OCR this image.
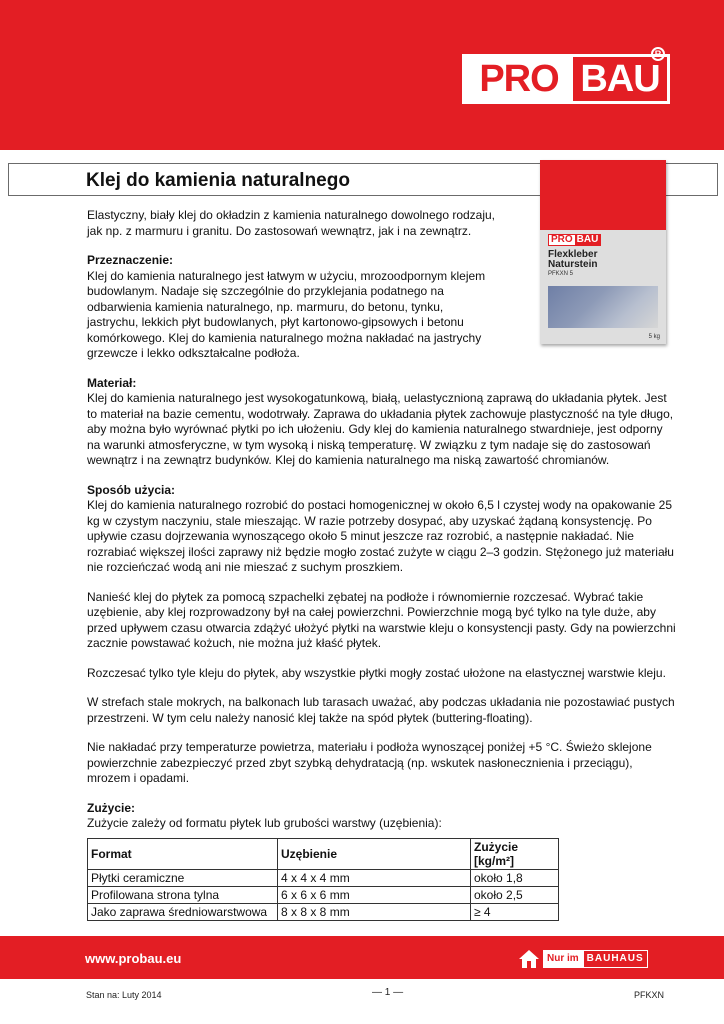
PRO BAU
R
Klej do kamienia naturalnego
PRO BAU
Flexkleber
Naturstein
PFKXN 5
5 kg

Elastyczny, biały klej do okładzin z kamienia naturalnego dowolnego rodzaju, jak np. z marmuru i granitu. Do zastosowań wewnątrz, jak i na zewnątrz.

Przeznaczenie:
Klej do kamienia naturalnego jest łatwym w użyciu, mrozoodpornym klejem budowlanym. Nadaje się szczególnie do przyklejania podatnego na odbarwienia kamienia naturalnego, np. marmuru, do betonu, tynku, jastrychu, lekkich płyt budowlanych, płyt kartonowo-gipsowych i betonu komórkowego. Klej do kamienia naturalnego można nakładać na jastrychy grzewcze i lekko odkształcalne podłoża.
Materiał:
Klej do kamienia naturalnego jest wysokogatunkową, białą, uelastycznioną zaprawą do układania płytek. Jest to materiał na bazie cementu, wodotrwały. Zaprawa do układania płytek zachowuje plastyczność na tyle długo, aby można było wyrównać płytki po ich ułożeniu. Gdy klej do kamienia naturalnego stwardnieje, jest odporny na warunki atmosferyczne, w tym wysoką i niską temperaturę. W związku z tym nadaje się do zastosowań wewnątrz i na zewnątrz budynków. Klej do kamienia naturalnego ma niską zawartość chromianów.
Sposób użycia:
Klej do kamienia naturalnego rozrobić do postaci homogenicznej w około 6,5 l czystej wody na opakowanie 25 kg w czystym naczyniu, stale mieszając. W razie potrzeby dosypać, aby uzyskać żądaną konsystencję. Po upływie czasu dojrzewania wynoszącego około 5 minut jeszcze raz rozrobić, a następnie nakładać. Nie rozrabiać większej ilości zaprawy niż będzie mogło zostać zużyte w ciągu 2–3 godzin. Stężonego już materiału nie rozcieńczać wodą ani nie mieszać z suchym proszkiem.

Nanieść klej do płytek za pomocą szpachelki zębatej na podłoże i równomiernie rozczesać. Wybrać takie uzębienie, aby klej rozprowadzony był na całej powierzchni. Powierzchnie mogą być tylko na tyle duże, aby przed upływem czasu otwarcia zdążyć ułożyć płytki na warstwie kleju o konsystencji pasty. Gdy na powierzchni zacznie powstawać kożuch, nie można już kłaść płytek.

Rozczesać tylko tyle kleju do płytek, aby wszystkie płytki mogły zostać ułożone na elastycznej warstwie kleju.

W strefach stale mokrych, na balkonach lub tarasach uważać, aby podczas układania nie pozostawiać pustych przestrzeni. W tym celu należy nanosić klej także na spód płytek (buttering-floating).

Nie nakładać przy temperaturze powietrza, materiału i podłoża wynoszącej poniżej +5 °C. Świeżo sklejone powierzchnie zabezpieczyć przed zbyt szybką dehydratacją (np. wskutek nasłonecznienia i przeciągu), mrozem i opadami.

Zużycie:
Zużycie zależy od formatu płytek lub grubości warstwy (uzębienia):
Format	Uzębienie	Zużycie [kg/m²]
Płytki ceramiczne	4 x 4 x 4 mm	około 1,8
Profilowana strona tylna	6 x 6 x 6 mm	około 2,5
Jako zaprawa średniowarstwowa	8 x 8 x 8 mm	≥ 4
www.probau.eu	Nur im BAUHAUS
Stan na: Luty 2014	— 1 —	PFKXN
